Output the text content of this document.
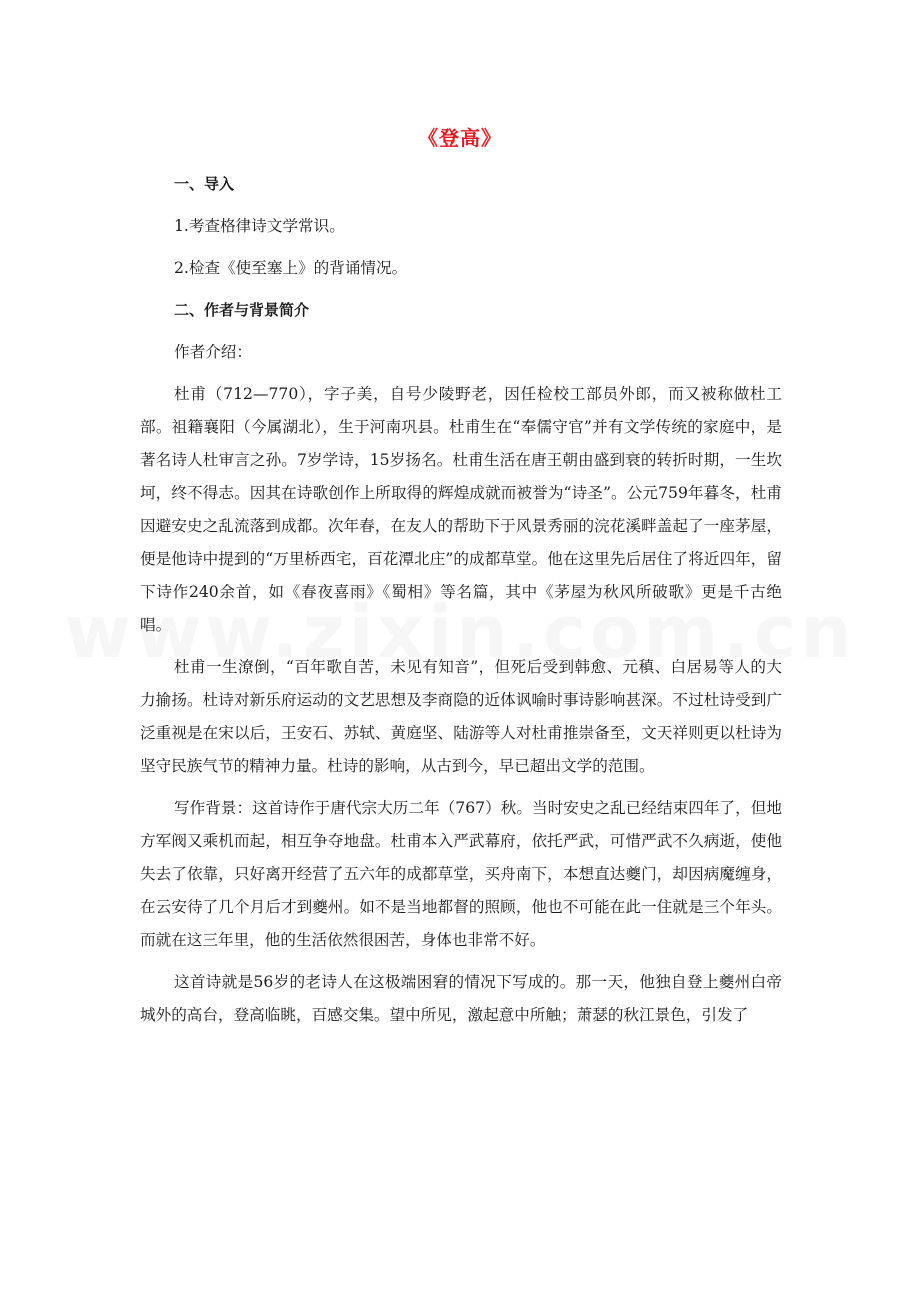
《登高》
一、导入
1.考查格律诗文学常识。
2.检查《使至塞上》的背诵情况。
二、作者与背景简介
作者介绍：

杜甫（712—770），字子美，自号少陵野老，因任检校工部员外郎，而又被称做杜工部。祖籍襄阳（今属湖北），生于河南巩县。杜甫生在“奉儒守官”并有文学传统的家庭中，是著名诗人杜审言之孙。7岁学诗，15岁扬名。杜甫生活在唐王朝由盛到衰的转折时期，一生坎坷，终不得志。因其在诗歌创作上所取得的辉煌成就而被誉为“诗圣”。公元759年暮冬，杜甫因避安史之乱流落到成都。次年春，在友人的帮助下于风景秀丽的浣花溪畔盖起了一座茅屋，便是他诗中提到的“万里桥西宅，百花潭北庄”的成都草堂。他在这里先后居住了将近四年，留下诗作240余首，如《春夜喜雨》《蜀相》等名篇，其中《茅屋为秋风所破歌》更是千古绝唱。

杜甫一生潦倒，“百年歌自苦，未见有知音”，但死后受到韩愈、元稹、白居易等人的大力揄扬。杜诗对新乐府运动的文艺思想及李商隐的近体讽喻时事诗影响甚深。不过杜诗受到广泛重视是在宋以后，王安石、苏轼、黄庭坚、陆游等人对杜甫推崇备至，文天祥则更以杜诗为坚守民族气节的精神力量。杜诗的影响，从古到今，早已超出文学的范围。

写作背景：这首诗作于唐代宗大历二年（767）秋。当时安史之乱已经结束四年了，但地方军阀又乘机而起，相互争夺地盘。杜甫本入严武幕府，依托严武，可惜严武不久病逝，使他失去了依靠，只好离开经营了五六年的成都草堂，买舟南下，本想直达夔门，却因病魔缠身，在云安待了几个月后才到夔州。如不是当地都督的照顾，他也不可能在此一住就是三个年头。而就在这三年里，他的生活依然很困苦，身体也非常不好。

这首诗就是56岁的老诗人在这极端困窘的情况下写成的。那一天，他独自登上夔州白帝城外的高台，登高临眺，百感交集。望中所见，激起意中所触；萧瑟的秋江景色，引发了
